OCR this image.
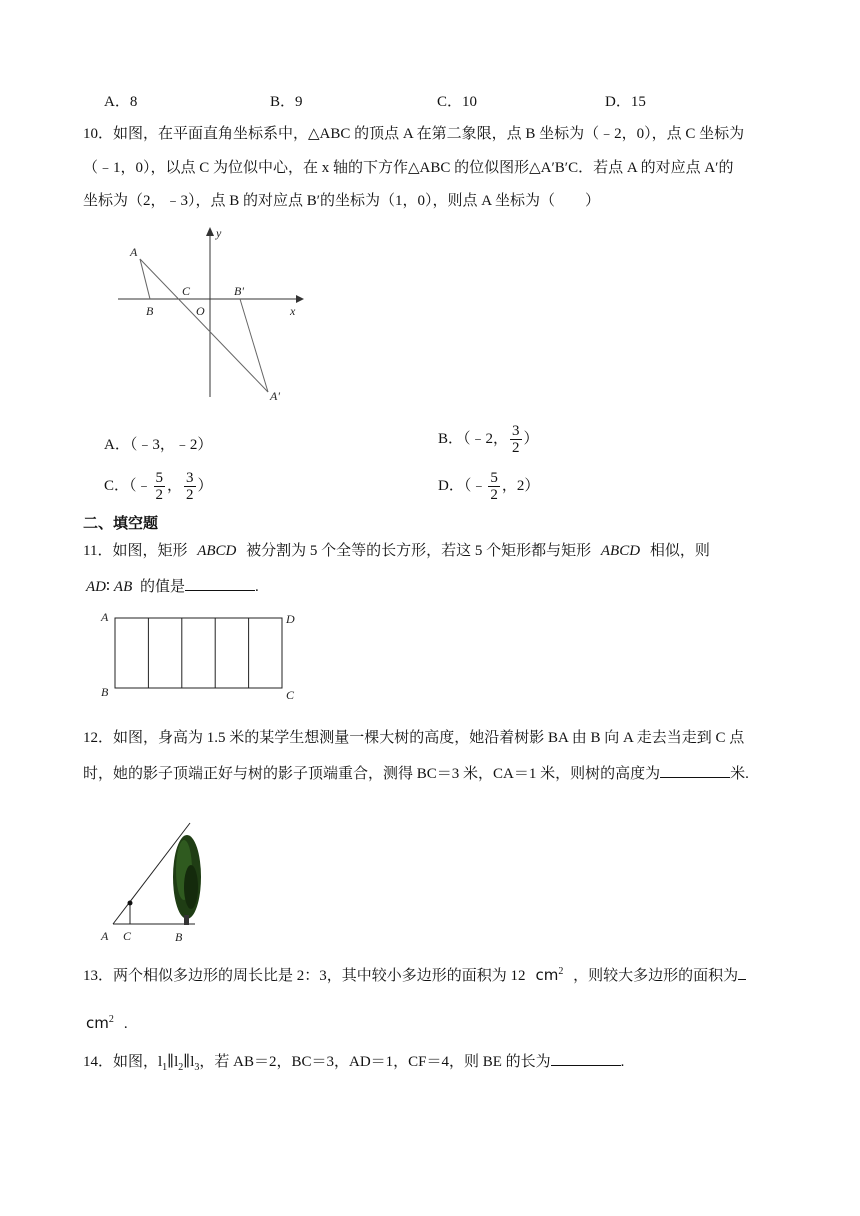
A．8	B．9	C．10	D．15
10．如图，在平面直角坐标系中，△ABC 的顶点 A 在第二象限，点 B 坐标为（﹣2，0），点 C 坐标为
（﹣1，0），以点 C 为位似中心，在 x 轴的下方作△ABC 的位似图形△A′B′C．若点 A 的对应点 A′的
坐标为（2，﹣3），点 B 的对应点 B′的坐标为（1，0），则点 A 坐标为（　　）
A
B
C
O
B'
A'
x
y
A．（﹣3，﹣2）	B．（﹣2， $\frac{3}{2}$ ）
C．（﹣ $\frac{5}{2}$ ， $\frac{3}{2}$ ）	D．（﹣ $\frac{5}{2}$ ，2）
二、填空题
11．如图，矩形 ABCD 被分割为 5 个全等的长方形，若这 5 个矩形都与矩形 ABCD 相似，则
AD∶ AB 的值是	.
A
B	C
D
12．如图，身高为 1.5 米的某学生想测量一棵大树的高度，她沿着树影 BA 由 B 向 A 走去当走到 C 点
时，她的影子顶端正好与树的影子顶端重合，测得 BC＝3 米，CA＝1 米，则树的高度为	米.
A C	B
13．两个相似多边形的周长比是 2：3，其中较小多边形的面积为 12 $cm^2$ ，则较大多边形的面积为
$cm^2$ .
14．如图，$l_1\parallel l_2\parallel l_3$，若 AB＝2，BC＝3，AD＝1，CF＝4，则 BE 的长为	.
